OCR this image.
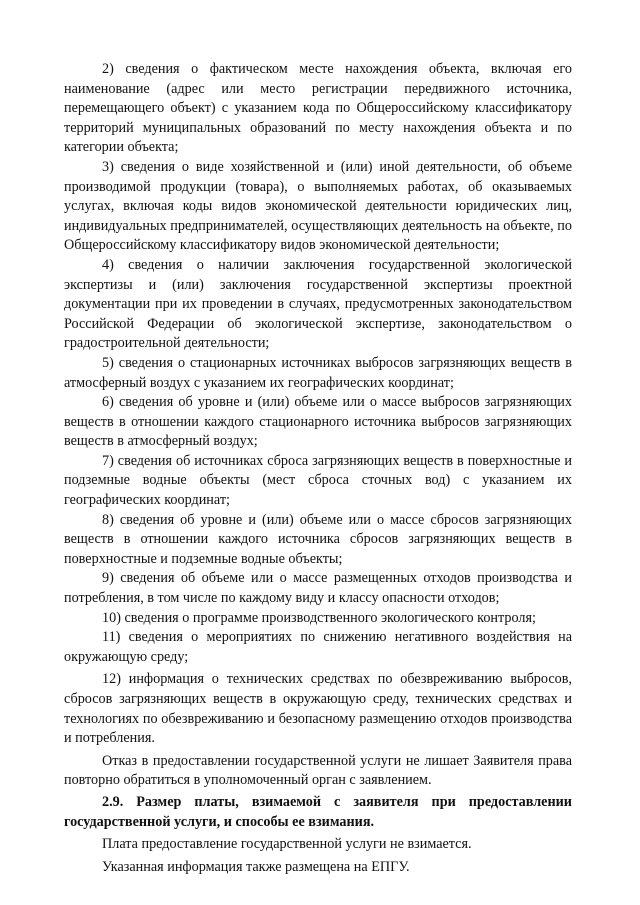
2) сведения о фактическом месте нахождения объекта, включая его наименование (адрес или место регистрации передвижного источника, перемещающего объект) с указанием кода по Общероссийскому классификатору территорий муниципальных образований по месту нахождения объекта и по категории объекта;

3) сведения о виде хозяйственной и (или) иной деятельности, об объеме производимой продукции (товара), о выполняемых работах, об оказываемых услугах, включая коды видов экономической деятельности юридических лиц, индивидуальных предпринимателей, осуществляющих деятельность на объекте, по Общероссийскому классификатору видов экономической деятельности;

4) сведения о наличии заключения государственной экологической экспертизы и (или) заключения государственной экспертизы проектной документации при их проведении в случаях, предусмотренных законодательством Российской Федерации об экологической экспертизе, законодательством о градостроительной деятельности;

5) сведения о стационарных источниках выбросов загрязняющих веществ в атмосферный воздух с указанием их географических координат;

6) сведения об уровне и (или) объеме или о массе выбросов загрязняющих веществ в отношении каждого стационарного источника выбросов загрязняющих веществ в атмосферный воздух;

7) сведения об источниках сброса загрязняющих веществ в поверхностные и подземные водные объекты (мест сброса сточных вод) с указанием их географических координат;

8) сведения об уровне и (или) объеме или о массе сбросов загрязняющих веществ в отношении каждого источника сбросов загрязняющих веществ в поверхностные и подземные водные объекты;

9) сведения об объеме или о массе размещенных отходов производства и потребления, в том числе по каждому виду и классу опасности отходов;

10) сведения о программе производственного экологического контроля;

11) сведения о мероприятиях по снижению негативного воздействия на окружающую среду;

12) информация о технических средствах по обезвреживанию выбросов, сбросов загрязняющих веществ в окружающую среду, технических средствах и технологиях по обезвреживанию и безопасному размещению отходов производства и потребления.

Отказ в предоставлении государственной услуги не лишает Заявителя права повторно обратиться в уполномоченный орган с заявлением.

2.9. Размер платы, взимаемой с заявителя при предоставлении государственной услуги, и способы ее взимания.

Плата предоставление государственной услуги не взимается.

Указанная информация также размещена на ЕПГУ.
